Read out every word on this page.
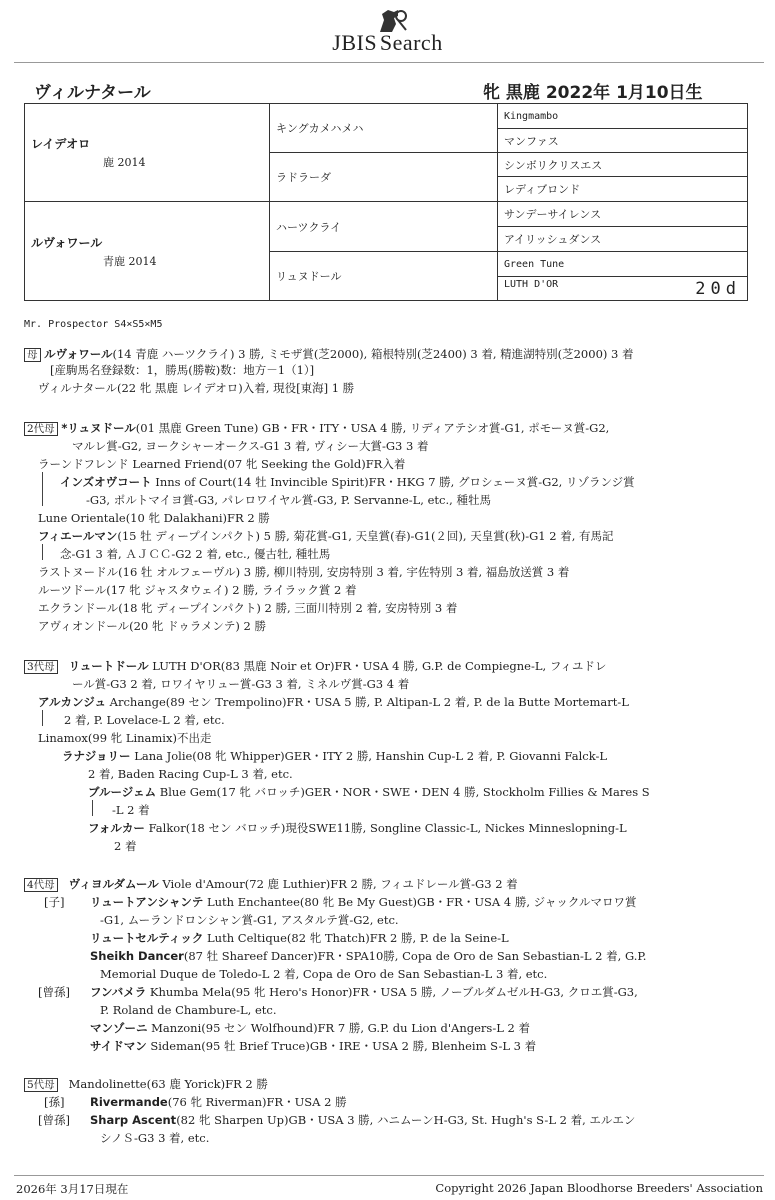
JBIS Search
ヴィルナタール	牝 黒鹿 2022年 1月10日生
レイデオロ
鹿 2014	キングカメハメハ	Kingmambo
		マンファス
	ラドラーダ	シンボリクリスエス
		レディブロンド

ルヴォワール
青鹿 2014	ハーツクライ	サンデーサイレンス
		アイリッシュダンス
	リュヌドール	Green Tune
		LUTH D'OR 20d
Mr. Prospector S4×S5×M5
母 ルヴォワール(14 青鹿 ハーツクライ) 3 勝, ミモザ賞(芝2000), 箱根特別(芝2400) 3 着, 精進湖特別(芝2000) 3 着
[産駒馬名登録数：1，勝馬(勝鞍)数：地方－1（1）]
ヴィルナタール(22 牝 黒鹿 レイデオロ)入着, 現役[東海] 1 勝
2代母 *リュヌドール(01 黒鹿 Green Tune) GB・FR・ITY・USA 4 勝, リディアテシオ賞-G1, ポモーヌ賞-G2,
マルレ賞-G2, ヨークシャーオークス-G1 3 着, ヴィシー大賞-G3 3 着
ラーンドフレンド Learned Friend(07 牝 Seeking the Gold)FR入着
インズオヴコート Inns of Court(14 牡 Invincible Spirit)FR・HKG 7 勝, グロシェーヌ賞-G2, リゾランジ賞
-G3, ポルトマイヨ賞-G3, パレロワイヤル賞-G3, P. Servanne-L, etc., 種牡馬
Lune Orientale(10 牝 Dalakhani)FR 2 勝
フィエールマン(15 牡 ディープインパクト) 5 勝, 菊花賞-G1, 天皇賞(春)-G1(２回), 天皇賞(秋)-G1 2 着, 有馬記
念-G1 3 着, ＡＪＣＣ-G2 2 着, etc., 優古牡, 種牡馬
ラストヌードル(16 牡 オルフェーヴル) 3 勝, 柳川特別, 安房特別 3 着, 宇佐特別 3 着, 福島放送賞 3 着
ルーツドール(17 牝 ジャスタウェイ) 2 勝, ライラック賞 2 着
エクランドール(18 牝 ディープインパクト) 2 勝, 三面川特別 2 着, 安房特別 3 着
アヴィオンドール(20 牝 ドゥラメンテ) 2 勝
3代母 リュートドール LUTH D'OR(83 黒鹿 Noir et Or)FR・USA 4 勝, G.P. de Compiegne-L, フィユドレ
ール賞-G3 2 着, ロワイヤリュー賞-G3 3 着, ミネルヴ賞-G3 4 着
アルカンジュ Archange(89 セン Trempolino)FR・USA 5 勝, P. Altipan-L 2 着, P. de la Butte Mortemart-L
2 着, P. Lovelace-L 2 着, etc.
Linamox(99 牝 Linamix)不出走
ラナジョリー Lana Jolie(08 牝 Whipper)GER・ITY 2 勝, Hanshin Cup-L 2 着, P. Giovanni Falck-L
2 着, Baden Racing Cup-L 3 着, etc.
ブルージェム Blue Gem(17 牝 バロッチ)GER・NOR・SWE・DEN 4 勝, Stockholm Fillies & Mares S
-L 2 着
フォルカー Falkor(18 セン バロッチ)現役SWE11勝, Songline Classic-L, Nickes Minneslopning-L
2 着
4代母 ヴィヨルダムール Viole d'Amour(72 鹿 Luthier)FR 2 勝, フィユドレール賞-G3 2 着
[子] リュートアンシャンテ Luth Enchantee(80 牝 Be My Guest)GB・FR・USA 4 勝, ジャックルマロワ賞
-G1, ムーランドロンシャン賞-G1, アスタルテ賞-G2, etc.
リュートセルティック Luth Celtique(82 牝 Thatch)FR 2 勝, P. de la Seine-L
Sheikh Dancer(87 牡 Shareef Dancer)FR・SPA10勝, Copa de Oro de San Sebastian-L 2 着, G.P.
Memorial Duque de Toledo-L 2 着, Copa de Oro de San Sebastian-L 3 着, etc.
[曾孫] フンバメラ Khumba Mela(95 牝 Hero's Honor)FR・USA 5 勝, ノーブルダムゼルH-G3, クロエ賞-G3,
P. Roland de Chambure-L, etc.
マンゾーニ Manzoni(95 セン Wolfhound)FR 7 勝, G.P. du Lion d'Angers-L 2 着
サイドマン Sideman(95 牡 Brief Truce)GB・IRE・USA 2 勝, Blenheim S-L 3 着
5代母 Mandolinette(63 鹿 Yorick)FR 2 勝
[孫] Rivermande(76 牝 Riverman)FR・USA 2 勝
[曾孫] Sharp Ascent(82 牝 Sharpen Up)GB・USA 3 勝, ハニムーンH-G3, St. Hugh's S-L 2 着, エルエン
シノＳ-G3 3 着, etc.
2026年 3月17日現在	Copyright 2026 Japan Bloodhorse Breeders' Association
